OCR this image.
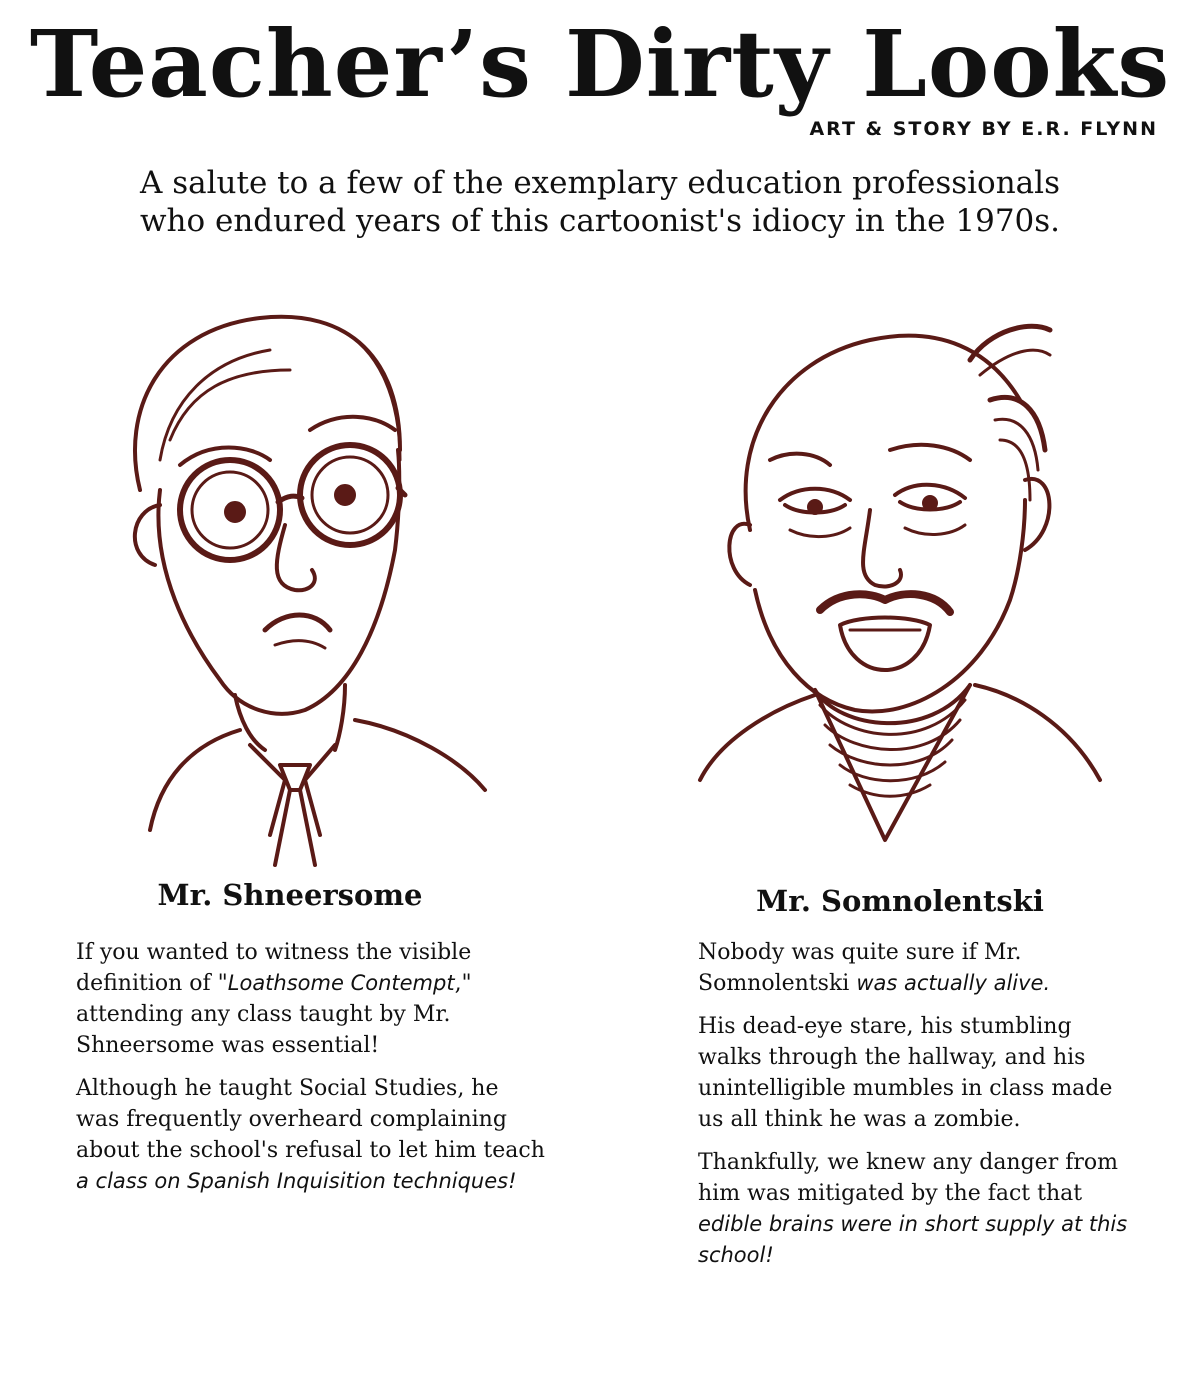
Teacher’s Dirty Looks
ART & STORY BY E.R. FLYNN
A salute to a few of the exemplary education professionals
who endured years of this cartoonist's idiocy in the 1970s.
Mr. Shneersome	Mr. Somnolentski

If you wanted to witness the visible definition of "Loathsome Contempt," attending any class taught by Mr. Shneersome was essential!

Although he taught Social Studies, he was frequently overheard complaining about the school's refusal to let him teach a class on Spanish Inquisition techniques!

Nobody was quite sure if Mr. Somnolentski was actually alive.

His dead-eye stare, his stumbling walks through the hallway, and his unintelligible mumbles in class made us all think he was a zombie.

Thankfully, we knew any danger from him was mitigated by the fact that edible brains were in short supply at this school!
